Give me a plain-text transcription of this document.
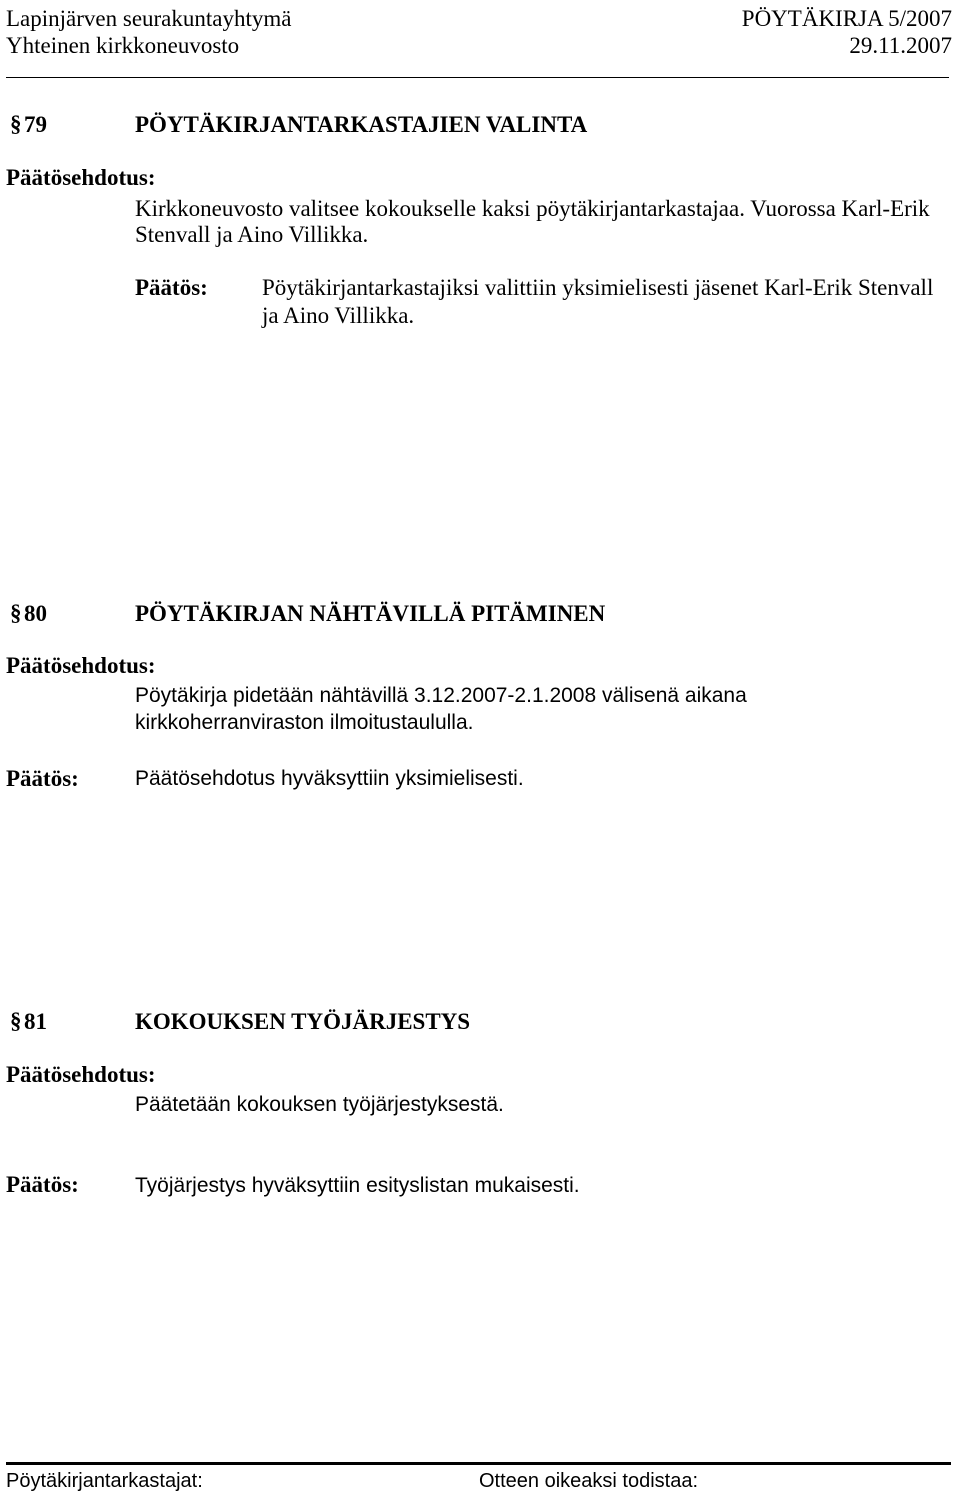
Lapinjärven seurakuntayhtymä	PÖYTÄKIRJA 5/2007
Yhteinen kirkkoneuvosto	29.11.2007
§ 79	PÖYTÄKIRJANTARKASTAJIEN VALINTA
Päätösehdotus:
Kirkkoneuvosto valitsee kokoukselle kaksi pöytäkirjantarkastajaa. Vuorossa Karl-Erik
Stenvall ja Aino Villikka.
Päätös: Pöytäkirjantarkastajiksi valittiin yksimielisesti jäsenet Karl-Erik Stenvall
ja Aino Villikka.
§ 80	PÖYTÄKIRJAN NÄHTÄVILLÄ PITÄMINEN
Päätösehdotus:
Pöytäkirja pidetään nähtävillä 3.12.2007-2.1.2008 välisenä aikana
kirkkoherranviraston ilmoitustaululla.
Päätös:	Päätösehdotus hyväksyttiin yksimielisesti.
§ 81	KOKOUKSEN TYÖJÄRJESTYS
Päätösehdotus:
Päätetään kokouksen työjärjestyksestä.
Päätös:	Työjärjestys hyväksyttiin esityslistan mukaisesti.
Pöytäkirjantarkastajat:	Otteen oikeaksi todistaa:
